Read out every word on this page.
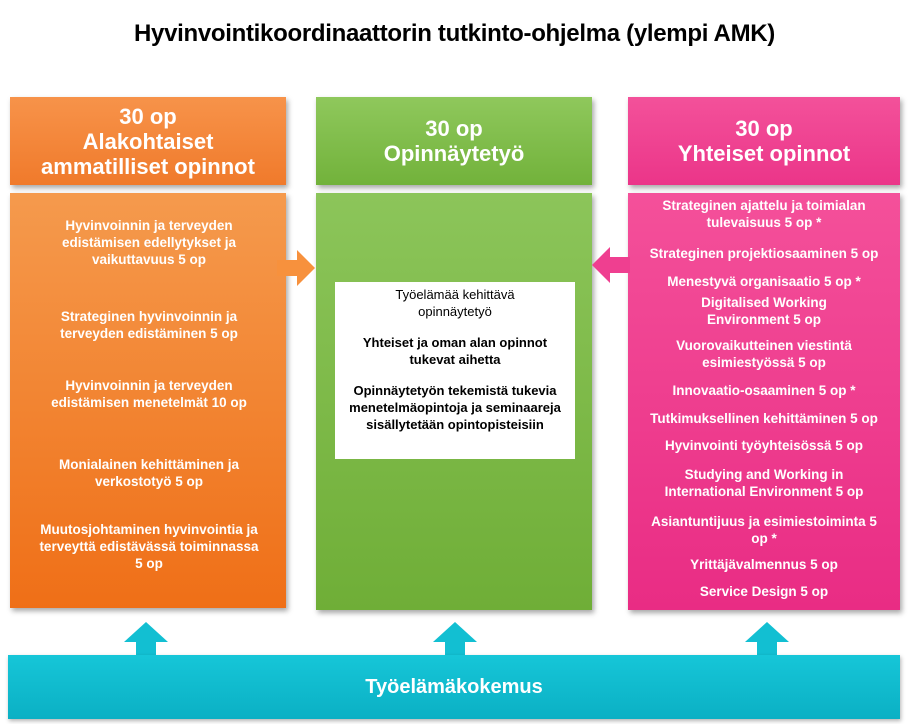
Hyvinvointikoordinaattorin tutkinto-ohjelma (ylempi AMK)
30 op
Alakohtaiset
ammatilliset opinnot
Hyvinvoinnin ja terveyden edistämisen edellytykset ja vaikuttavuus 5 op
Strateginen hyvinvoinnin ja terveyden edistäminen 5 op
Hyvinvoinnin ja terveyden edistämisen menetelmät 10 op
Monialainen kehittäminen ja verkostotyö 5 op
Muutosjohtaminen hyvinvointia ja terveyttä edistävässä toiminnassa 5 op
30 op
Opinnäytetyö
Työelämää kehittävä opinnäytetyö
Yhteiset ja oman alan opinnot tukevat aihetta
Opinnäytetyön tekemistä tukevia menetelmäopintoja ja seminaareja sisällytetään opintopisteisiin
30 op
Yhteiset opinnot
Strateginen ajattelu ja toimialan tulevaisuus 5 op *
Strateginen projektiosaaminen 5 op
Menestyvä organisaatio 5 op *
Digitalised Working Environment 5 op
Vuorovaikutteinen viestintä esimiestyössä 5 op
Innovaatio-osaaminen 5 op *
Tutkimuksellinen kehittäminen 5 op
Hyvinvointi työyhteisössä 5 op
Studying and Working in International Environment 5 op
Asiantuntijuus ja esimiestoiminta 5 op *
Yrittäjävalmennus 5 op
Service Design 5 op
Työelämäkokemus
